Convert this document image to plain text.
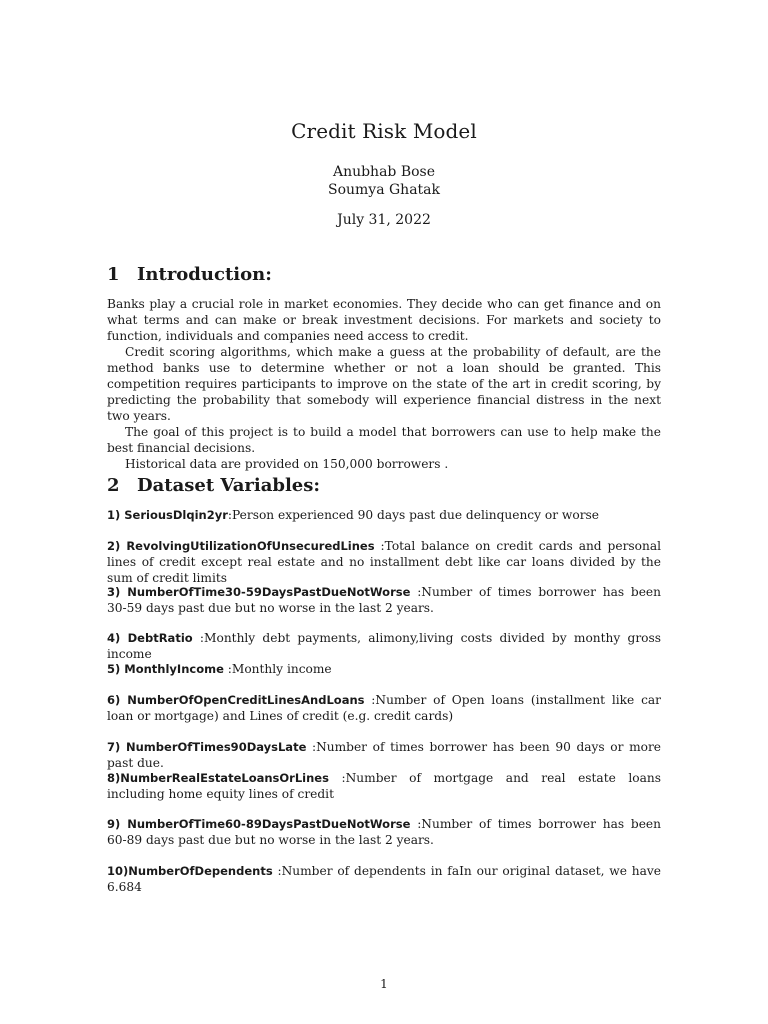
Credit Risk Model
Anubhab Bose
Soumya Ghatak
July 31, 2022
1 Introduction:

Banks play a crucial role in market economies. They decide who can get finance and on what terms and can make or break investment decisions. For markets and society to function, individuals and companies need access to credit.

Credit scoring algorithms, which make a guess at the probability of default, are the method banks use to determine whether or not a loan should be granted. This competition requires participants to improve on the state of the art in credit scoring, by predicting the probability that somebody will experience financial distress in the next two years.

The goal of this project is to build a model that borrowers can use to help make the best financial decisions.

Historical data are provided on 150,000 borrowers .

2 Dataset Variables:
1) SeriousDlqin2yr:Person experienced 90 days past due delinquency or worse
2) RevolvingUtilizationOfUnsecuredLines :Total balance on credit cards and personal lines of credit except real estate and no installment debt like car loans divided by the sum of credit limits
3) NumberOfTime30-59DaysPastDueNotWorse :Number of times borrower has been 30-59 days past due but no worse in the last 2 years.
4) DebtRatio :Monthly debt payments, alimony,living costs divided by monthy gross income
5) MonthlyIncome :Monthly income
6) NumberOfOpenCreditLinesAndLoans :Number of Open loans (installment like car loan or mortgage) and Lines of credit (e.g. credit cards)
7) NumberOfTimes90DaysLate :Number of times borrower has been 90 days or more past due.
8)NumberRealEstateLoansOrLines :Number of mortgage and real estate loans including home equity lines of credit
9) NumberOfTime60-89DaysPastDueNotWorse :Number of times borrower has been 60-89 days past due but no worse in the last 2 years.
10)NumberOfDependents :Number of dependents in faIn our original dataset, we have 6.684
1
